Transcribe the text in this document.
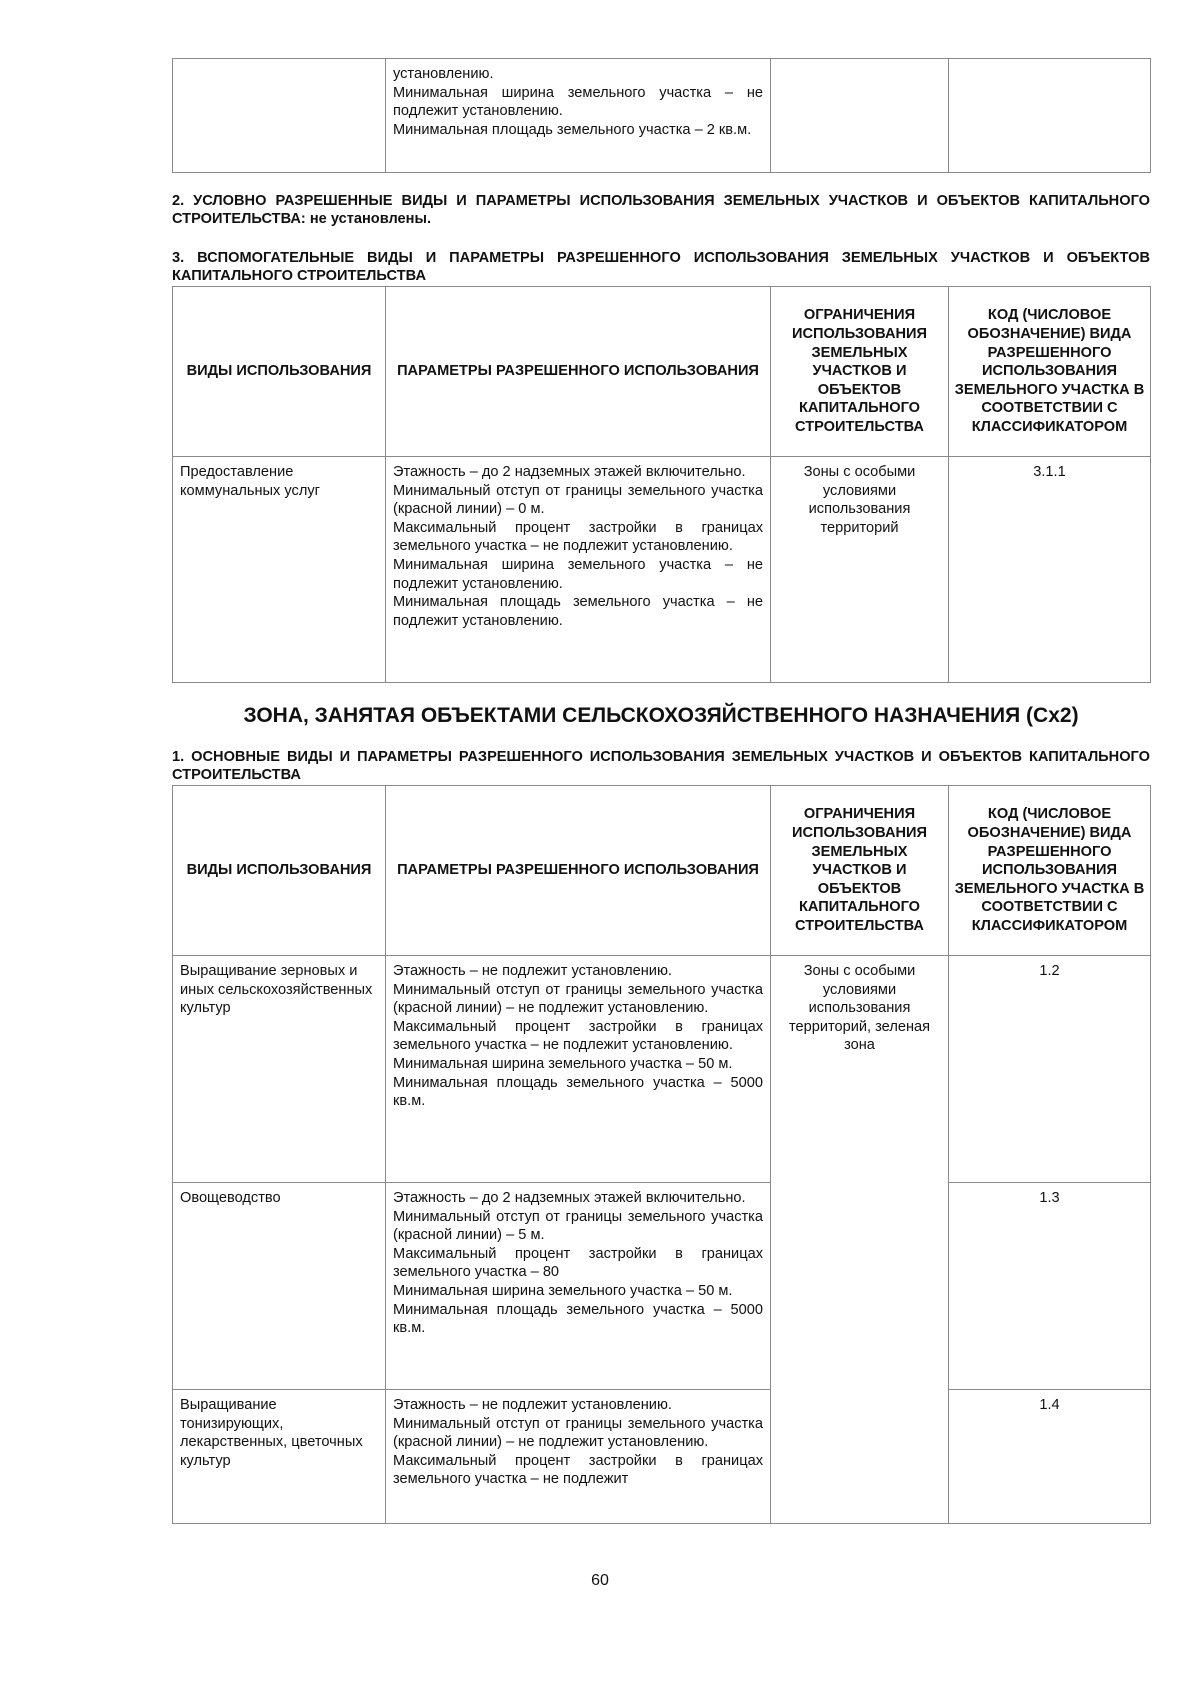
установлению.
Минимальная ширина земельного участка – не подлежит установлению.
Минимальная площадь земельного участка – 2 кв.м.

2. УСЛОВНО РАЗРЕШЕННЫЕ ВИДЫ И ПАРАМЕТРЫ ИСПОЛЬЗОВАНИЯ ЗЕМЕЛЬНЫХ УЧАСТКОВ И ОБЪЕКТОВ КАПИТАЛЬНОГО СТРОИТЕЛЬСТВА: не установлены.
3. ВСПОМОГАТЕЛЬНЫЕ ВИДЫ И ПАРАМЕТРЫ РАЗРЕШЕННОГО ИСПОЛЬЗОВАНИЯ ЗЕМЕЛЬНЫХ УЧАСТКОВ И ОБЪЕКТОВ КАПИТАЛЬНОГО СТРОИТЕЛЬСТВА
ВИДЫ ИСПОЛЬЗОВАНИЯ	ПАРАМЕТРЫ РАЗРЕШЕННОГО ИСПОЛЬЗОВАНИЯ	ОГРАНИЧЕНИЯ ИСПОЛЬЗОВАНИЯ ЗЕМЕЛЬНЫХ УЧАСТКОВ И ОБЪЕКТОВ КАПИТАЛЬНОГО СТРОИТЕЛЬСТВА	КОД (ЧИСЛОВОЕ ОБОЗНАЧЕНИЕ) ВИДА РАЗРЕШЕННОГО ИСПОЛЬЗОВАНИЯ ЗЕМЕЛЬНОГО УЧАСТКА В СООТВЕТСТВИИ С КЛАССИФИКАТОРОМ
Предоставление коммунальных услуг	Этажность – до 2 надземных этажей включительно.
Минимальный отступ от границы земельного участка (красной линии) – 0 м.
Максимальный процент застройки в границах земельного участка – не подлежит установлению.
Минимальная ширина земельного участка – не подлежит установлению.
Минимальная площадь земельного участка – не подлежит установлению.	Зоны с особыми условиями использования территорий	3.1.1
ЗОНА, ЗАНЯТАЯ ОБЪЕКТАМИ СЕЛЬСКОХОЗЯЙСТВЕННОГО НАЗНАЧЕНИЯ (Сх2)
1. ОСНОВНЫЕ ВИДЫ И ПАРАМЕТРЫ РАЗРЕШЕННОГО ИСПОЛЬЗОВАНИЯ ЗЕМЕЛЬНЫХ УЧАСТКОВ И ОБЪЕКТОВ КАПИТАЛЬНОГО СТРОИТЕЛЬСТВА
ВИДЫ ИСПОЛЬЗОВАНИЯ	ПАРАМЕТРЫ РАЗРЕШЕННОГО ИСПОЛЬЗОВАНИЯ	ОГРАНИЧЕНИЯ ИСПОЛЬЗОВАНИЯ ЗЕМЕЛЬНЫХ УЧАСТКОВ И ОБЪЕКТОВ КАПИТАЛЬНОГО СТРОИТЕЛЬСТВА	КОД (ЧИСЛОВОЕ ОБОЗНАЧЕНИЕ) ВИДА РАЗРЕШЕННОГО ИСПОЛЬЗОВАНИЯ ЗЕМЕЛЬНОГО УЧАСТКА В СООТВЕТСТВИИ С КЛАССИФИКАТОРОМ
Выращивание зерновых и иных сельскохозяйственных культур	Этажность – не подлежит установлению.
Минимальный отступ от границы земельного участка (красной линии) – не подлежит установлению.
Максимальный процент застройки в границах земельного участка – не подлежит установлению.
Минимальная ширина земельного участка – 50 м.
Минимальная площадь земельного участка – 5000 кв.м.	Зоны с особыми условиями использования территорий, зеленая зона	1.2
Овощеводство	Этажность – до 2 надземных этажей включительно.
Минимальный отступ от границы земельного участка (красной линии) – 5 м.
Максимальный процент застройки в границах земельного участка – 80
Минимальная ширина земельного участка – 50 м.
Минимальная площадь земельного участка – 5000 кв.м.		1.3
Выращивание тонизирующих, лекарственных, цветочных культур	Этажность – не подлежит установлению.
Минимальный отступ от границы земельного участка (красной линии) – не подлежит установлению.
Максимальный процент застройки в границах земельного участка – не подлежит		1.4
60
